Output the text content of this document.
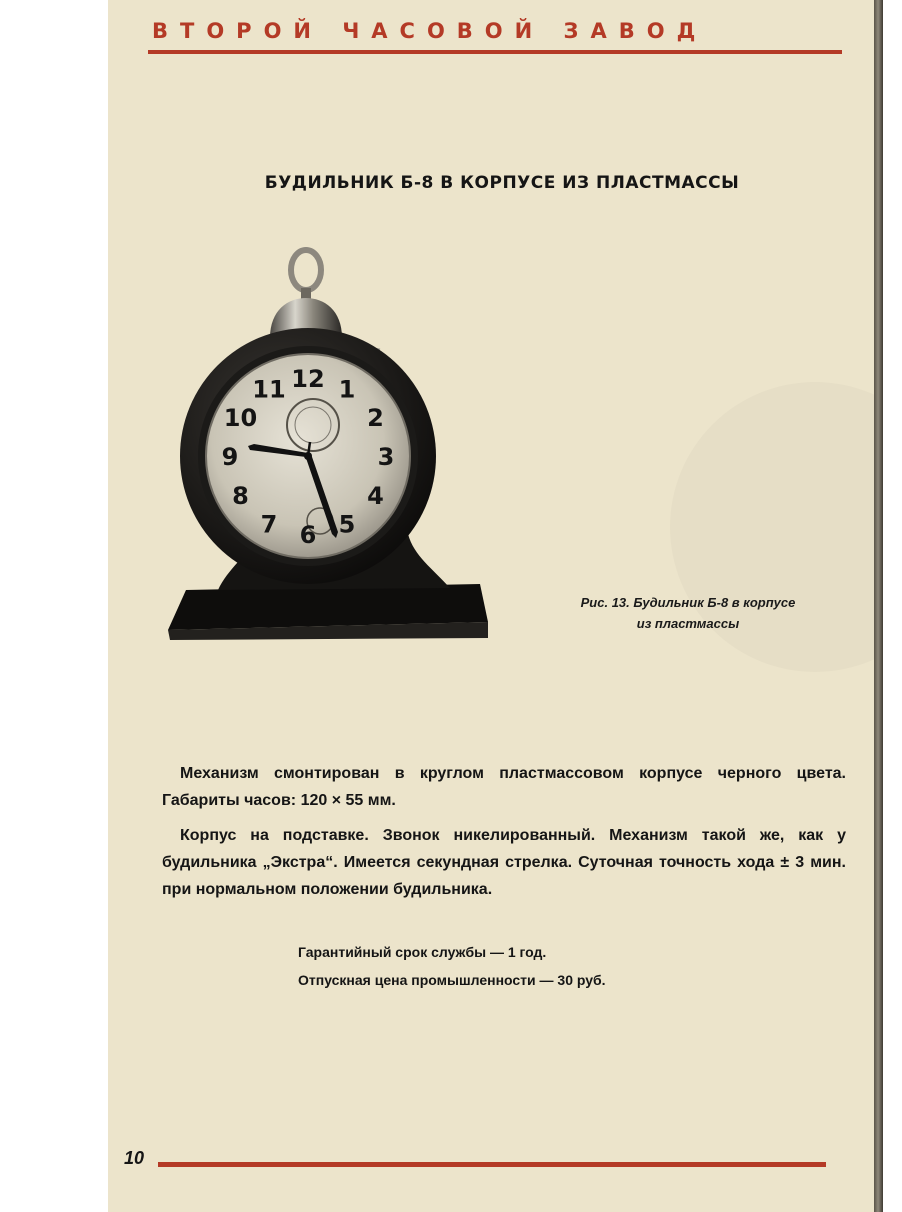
ВТОРОЙ ЧАСОВОЙ ЗАВОД
БУДИЛЬНИК Б-8 В КОРПУСЕ ИЗ ПЛАСТМАССЫ
12 1
2
3
4
5
6
7
8
9
10
11
Рис. 13. Будильник Б-8 в корпусе
из пластмассы

Механизм смонтирован в круглом пластмассовом корпусе черного цвета. Габариты часов: 120 × 55 мм.

Корпус на подставке. Звонок никелированный. Механизм такой же, как у будильника „Экстра“. Имеется секундная стрелка. Суточная точность хода ± 3 мин. при нормальном положении будильника.

Гарантийный срок службы — 1 год.
Отпускная цена промышленности — 30 руб.
10
